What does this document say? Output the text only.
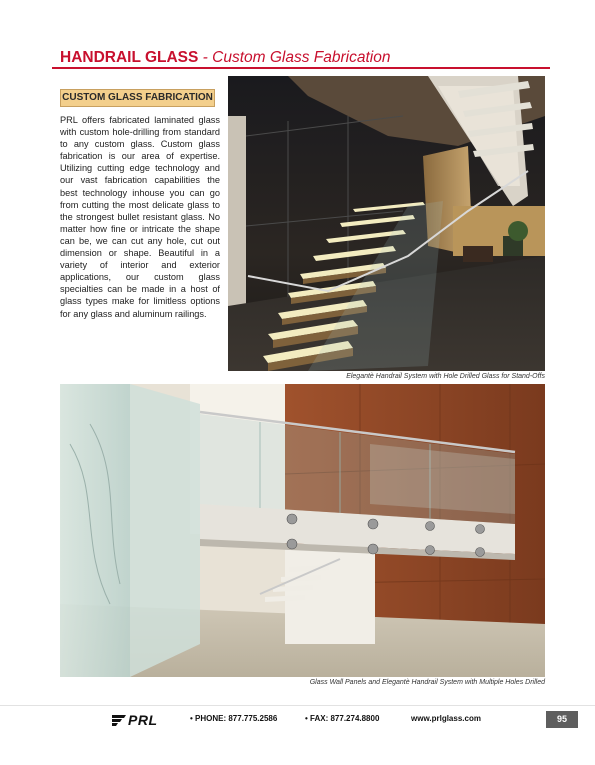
HANDRAIL GLASS - Custom Glass Fabrication
CUSTOM GLASS FABRICATION

PRL offers fabricated laminated glass with custom hole-drilling from standard to any custom glass. Custom glass fabrication is our area of expertise. Utilizing cutting edge technology and our vast fabrication capabilities the best technology inhouse you can go from cutting the most delicate glass to the strongest bullet resistant glass. No matter how fine or intricate the shape can be, we can cut any hole, cut out dimension or shape. Beautiful in a variety of interior and exterior applications, our custom glass specialties can be made in a host of glass types make for limitless options for any glass and aluminum railings.

Elegantè Handrail System with Hole Drilled Glass for Stand-Offs
Glass Wall Panels and Elegantè Handrail System with Multiple Holes Drilled
PRL	• PHONE: 877.775.2586	• FAX: 877.274.8800	www.prlglass.com	95
